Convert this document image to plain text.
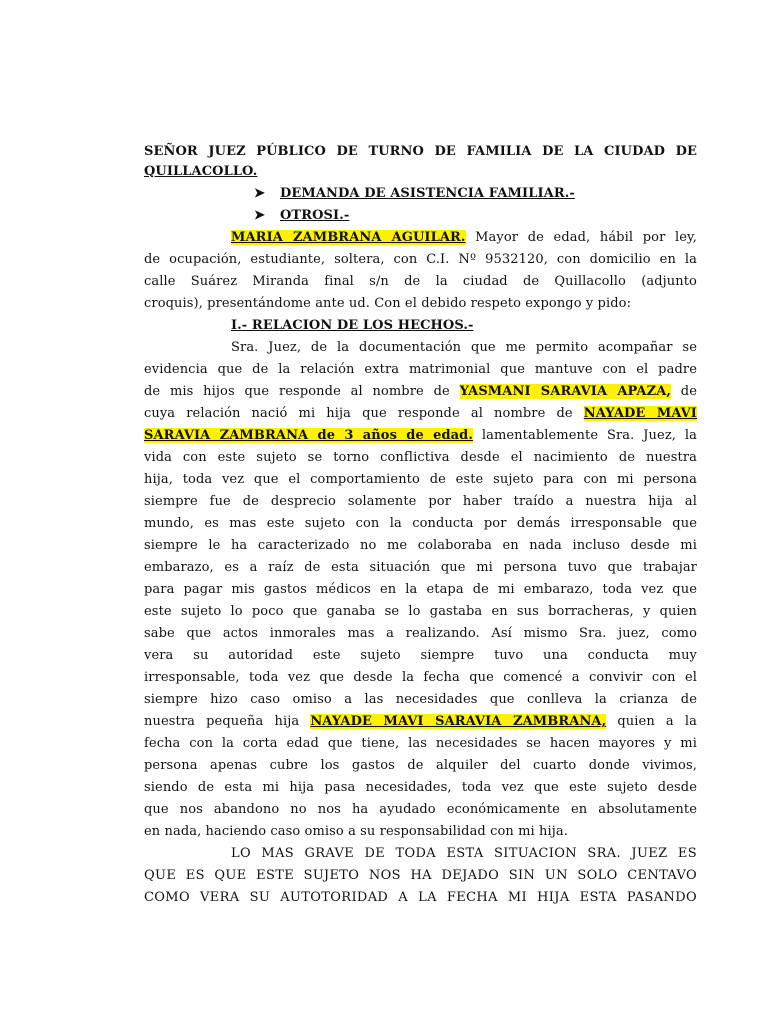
SEÑOR JUEZ PÚBLICO DE TURNO DE FAMILIA DE LA CIUDAD DE
QUILLACOLLO.
➤ DEMANDA DE ASISTENCIA FAMILIAR.-
➤ OTROSI.-
MARIA ZAMBRANA AGUILAR. Mayor de edad, hábil por ley,
de ocupación, estudiante, soltera, con C.I. Nº 9532120, con domicilio en la
calle Suárez Miranda final s/n de la ciudad de Quillacollo (adjunto
croquis), presentándome ante ud. Con el debido respeto expongo y pido:
I.- RELACION DE LOS HECHOS.-
Sra. Juez, de la documentación que me permito acompañar se
evidencia que de la relación extra matrimonial que mantuve con el padre
de mis hijos que responde al nombre de YASMANI SARAVIA APAZA, de
cuya relación nació mi hija que responde al nombre de NAYADE MAVI
SARAVIA ZAMBRANA de 3 años de edad. lamentablemente Sra. Juez, la
vida con este sujeto se torno conflictiva desde el nacimiento de nuestra
hija, toda vez que el comportamiento de este sujeto para con mi persona
siempre fue de desprecio solamente por haber traído a nuestra hija al
mundo, es mas este sujeto con la conducta por demás irresponsable que
siempre le ha caracterizado no me colaboraba en nada incluso desde mi
embarazo, es a raíz de esta situación que mi persona tuvo que trabajar
para pagar mis gastos médicos en la etapa de mi embarazo, toda vez que
este sujeto lo poco que ganaba se lo gastaba en sus borracheras, y quien
sabe que actos inmorales mas a realizando. Así mismo Sra. juez, como
vera su autoridad este sujeto siempre tuvo una conducta muy
irresponsable, toda vez que desde la fecha que comencé a convivir con el
siempre hizo caso omiso a las necesidades que conlleva la crianza de
nuestra pequeña hija NAYADE MAVI SARAVIA ZAMBRANA, quien a la
fecha con la corta edad que tiene, las necesidades se hacen mayores y mi
persona apenas cubre los gastos de alquiler del cuarto donde vivimos,
siendo de esta mi hija pasa necesidades, toda vez que este sujeto desde
que nos abandono no nos ha ayudado económicamente en absolutamente
en nada, haciendo caso omiso a su responsabilidad con mi hija.
LO MAS GRAVE DE TODA ESTA SITUACION SRA. JUEZ ES
QUE ES QUE ESTE SUJETO NOS HA DEJADO SIN UN SOLO CENTAVO
COMO VERA SU AUTOTORIDAD A LA FECHA MI HIJA ESTA PASANDO
